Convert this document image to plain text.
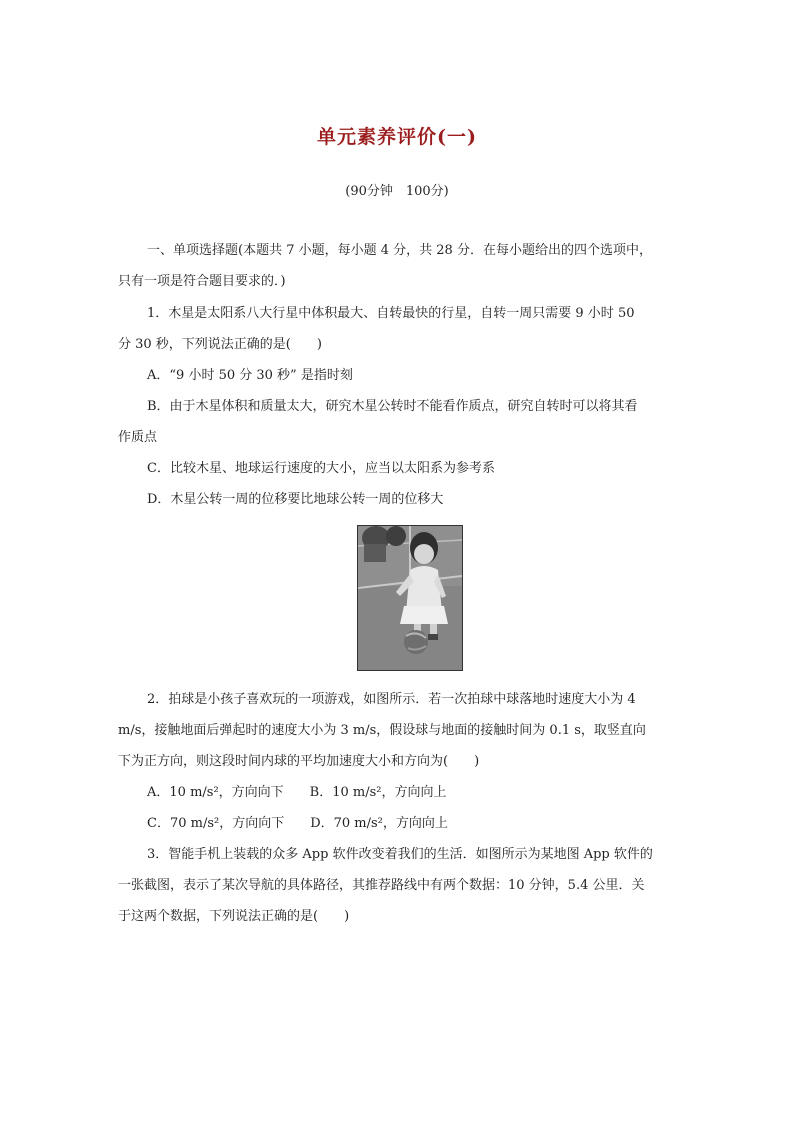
单元素养评价(一)
(90分钟　100分)
一、单项选择题(本题共 7 小题，每小题 4 分，共 28 分．在每小题给出的四个选项中，
只有一项是符合题目要求的．)
1．木星是太阳系八大行星中体积最大、自转最快的行星，自转一周只需要 9 小时 50
分 30 秒，下列说法正确的是(　　)
A．“9 小时 50 分 30 秒” 是指时刻
B．由于木星体积和质量太大，研究木星公转时不能看作质点，研究自转时可以将其看
作质点
C．比较木星、地球运行速度的大小，应当以太阳系为参考系
D．木星公转一周的位移要比地球公转一周的位移大
2．拍球是小孩子喜欢玩的一项游戏，如图所示．若一次拍球中球落地时速度大小为 4
m/s，接触地面后弹起时的速度大小为 3 m/s，假设球与地面的接触时间为 0.1 s，取竖直向
下为正方向，则这段时间内球的平均加速度大小和方向为(　　)
A．10 m/s²，方向向下　　B．10 m/s²，方向向上
C．70 m/s²，方向向下　　D．70 m/s²，方向向上
3．智能手机上装载的众多 App 软件改变着我们的生活．如图所示为某地图 App 软件的
一张截图，表示了某次导航的具体路径，其推荐路线中有两个数据：10 分钟，5.4 公里．关
于这两个数据，下列说法正确的是(　　)
